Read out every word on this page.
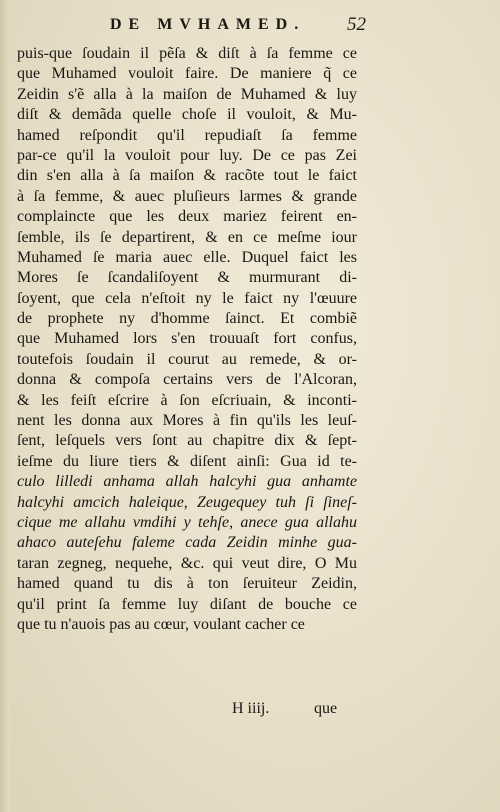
DE MVHAMED. 52
puis-que ſoudain il pẽſa & diſt à ſa femme ce
que Muhamed vouloit faire. De maniere q̃ ce
Zeidin s'ẽ alla à la maiſon de Muhamed & luy
diſt & demãda quelle choſe il vouloit, & Mu-
hamed reſpondit qu'il repudiaſt ſa femme
par-ce qu'il la vouloit pour luy. De ce pas Zei
din s'en alla à ſa maiſon & racõte tout le faict
à ſa femme, & auec pluſieurs larmes & grande
complaincte que les deux mariez feirent en-
ſemble, ils ſe departirent, & en ce meſme iour
Muhamed ſe maria auec elle. Duquel faict les
Mores ſe ſcandaliſoyent & murmurant di-
ſoyent, que cela n'eſtoit ny le faict ny l'œuure
de prophete ny d'homme ſainct. Et combiẽ
que Muhamed lors s'en trouuaſt fort confus,
toutefois ſoudain il courut au remede, & or-
donna & compoſa certains vers de l'Alcoran,
& les feiſt eſcrire à ſon eſcriuain, & inconti-
nent les donna aux Mores à fin qu'ils les leuſ-
ſent, leſquels vers ſont au chapitre dix & ſept-
ieſme du liure tiers & diſent ainſi: Gua id te-
culo lilledi anhama allah halcyhi gua anhamte
halcyhi amcich haleique, Zeugequey tuh ſi ſineſ-
cique me allahu vmdihi y tehſe, anece gua allahu
ahaco auteſehu faleme cada Zeidin minhe gua-
taran zegneg, nequehe, &c. qui veut dire, O Mu
hamed quand tu dis à ton ſeruiteur Zeidin,
qu'il print ſa femme luy diſant de bouche ce
que tu n'auois pas au cœur, voulant cacher ce
H iiij.	que
